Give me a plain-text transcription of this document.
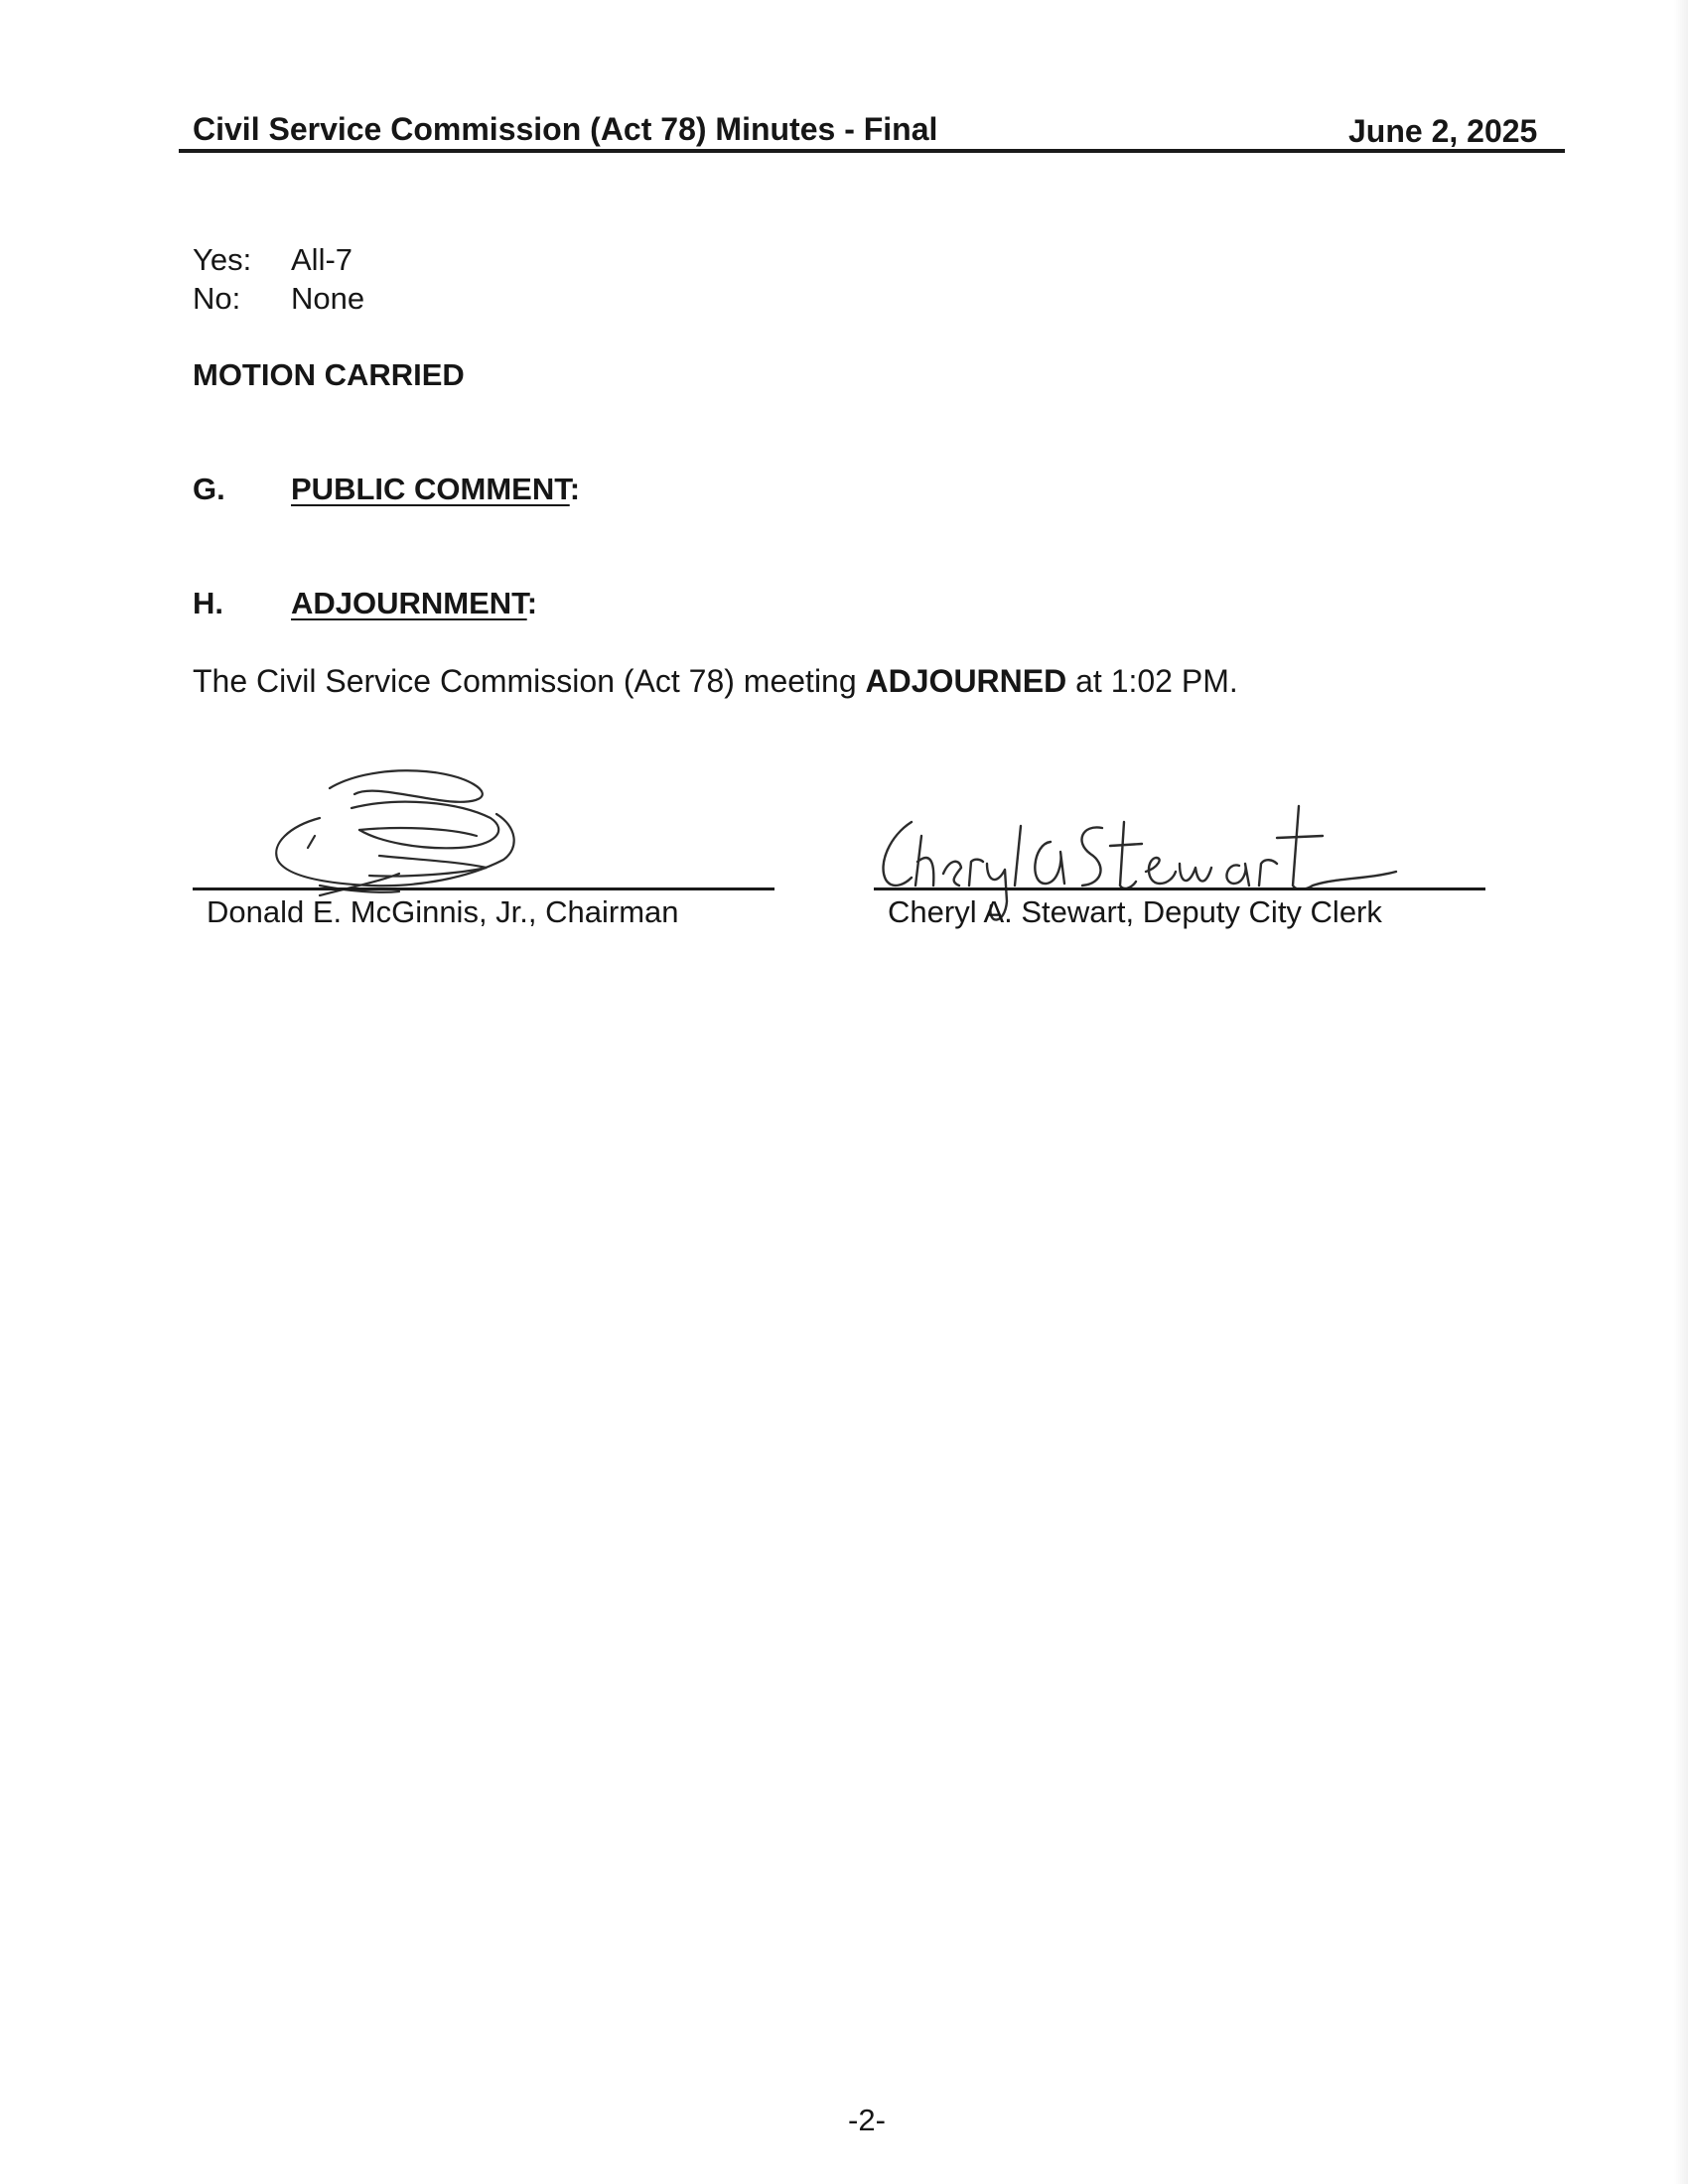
Civil Service Commission (Act 78) Minutes - Final	June 2, 2025
Yes: All-7
No: None
MOTION CARRIED
G. PUBLIC COMMENT:
H. ADJOURNMENT:
The Civil Service Commission (Act 78) meeting ADJOURNED at 1:02 PM.
Donald E. McGinnis, Jr., Chairman	Cheryl A. Stewart, Deputy City Clerk
-2-
